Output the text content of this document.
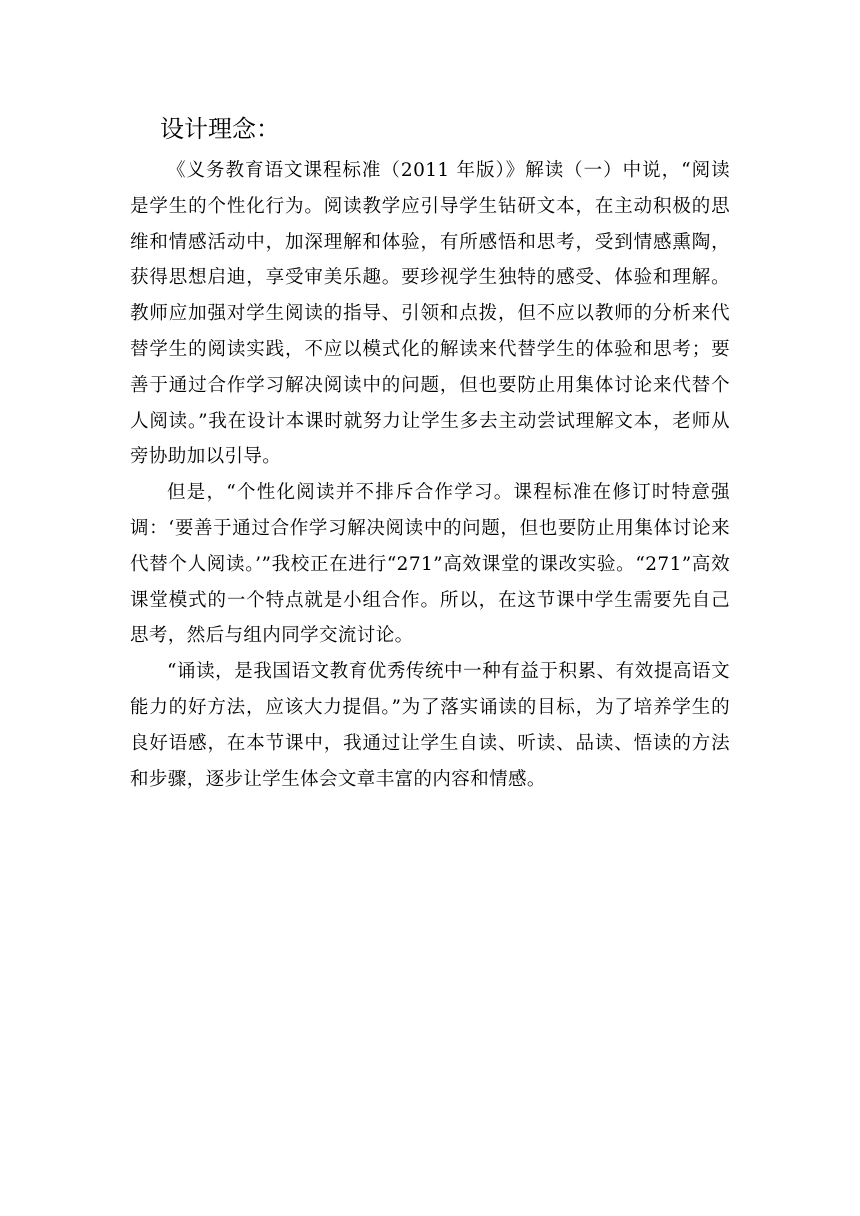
设计理念：

《义务教育语文课程标准（2011 年版）》解读（一）中说，“阅读是学生的个性化行为。阅读教学应引导学生钻研文本，在主动积极的思维和情感活动中，加深理解和体验，有所感悟和思考，受到情感熏陶，获得思想启迪，享受审美乐趣。要珍视学生独特的感受、体验和理解。教师应加强对学生阅读的指导、引领和点拨，但不应以教师的分析来代替学生的阅读实践，不应以模式化的解读来代替学生的体验和思考；要善于通过合作学习解决阅读中的问题，但也要防止用集体讨论来代替个人阅读。”我在设计本课时就努力让学生多去主动尝试理解文本，老师从旁协助加以引导。

但是，“个性化阅读并不排斥合作学习。课程标准在修订时特意强调：‘要善于通过合作学习解决阅读中的问题，但也要防止用集体讨论来代替个人阅读。’”我校正在进行“271”高效课堂的课改实验。“271”高效课堂模式的一个特点就是小组合作。所以，在这节课中学生需要先自己思考，然后与组内同学交流讨论。

“诵读，是我国语文教育优秀传统中一种有益于积累、有效提高语文能力的好方法，应该大力提倡。”为了落实诵读的目标，为了培养学生的良好语感，在本节课中，我通过让学生自读、听读、品读、悟读的方法和步骤，逐步让学生体会文章丰富的内容和情感。
